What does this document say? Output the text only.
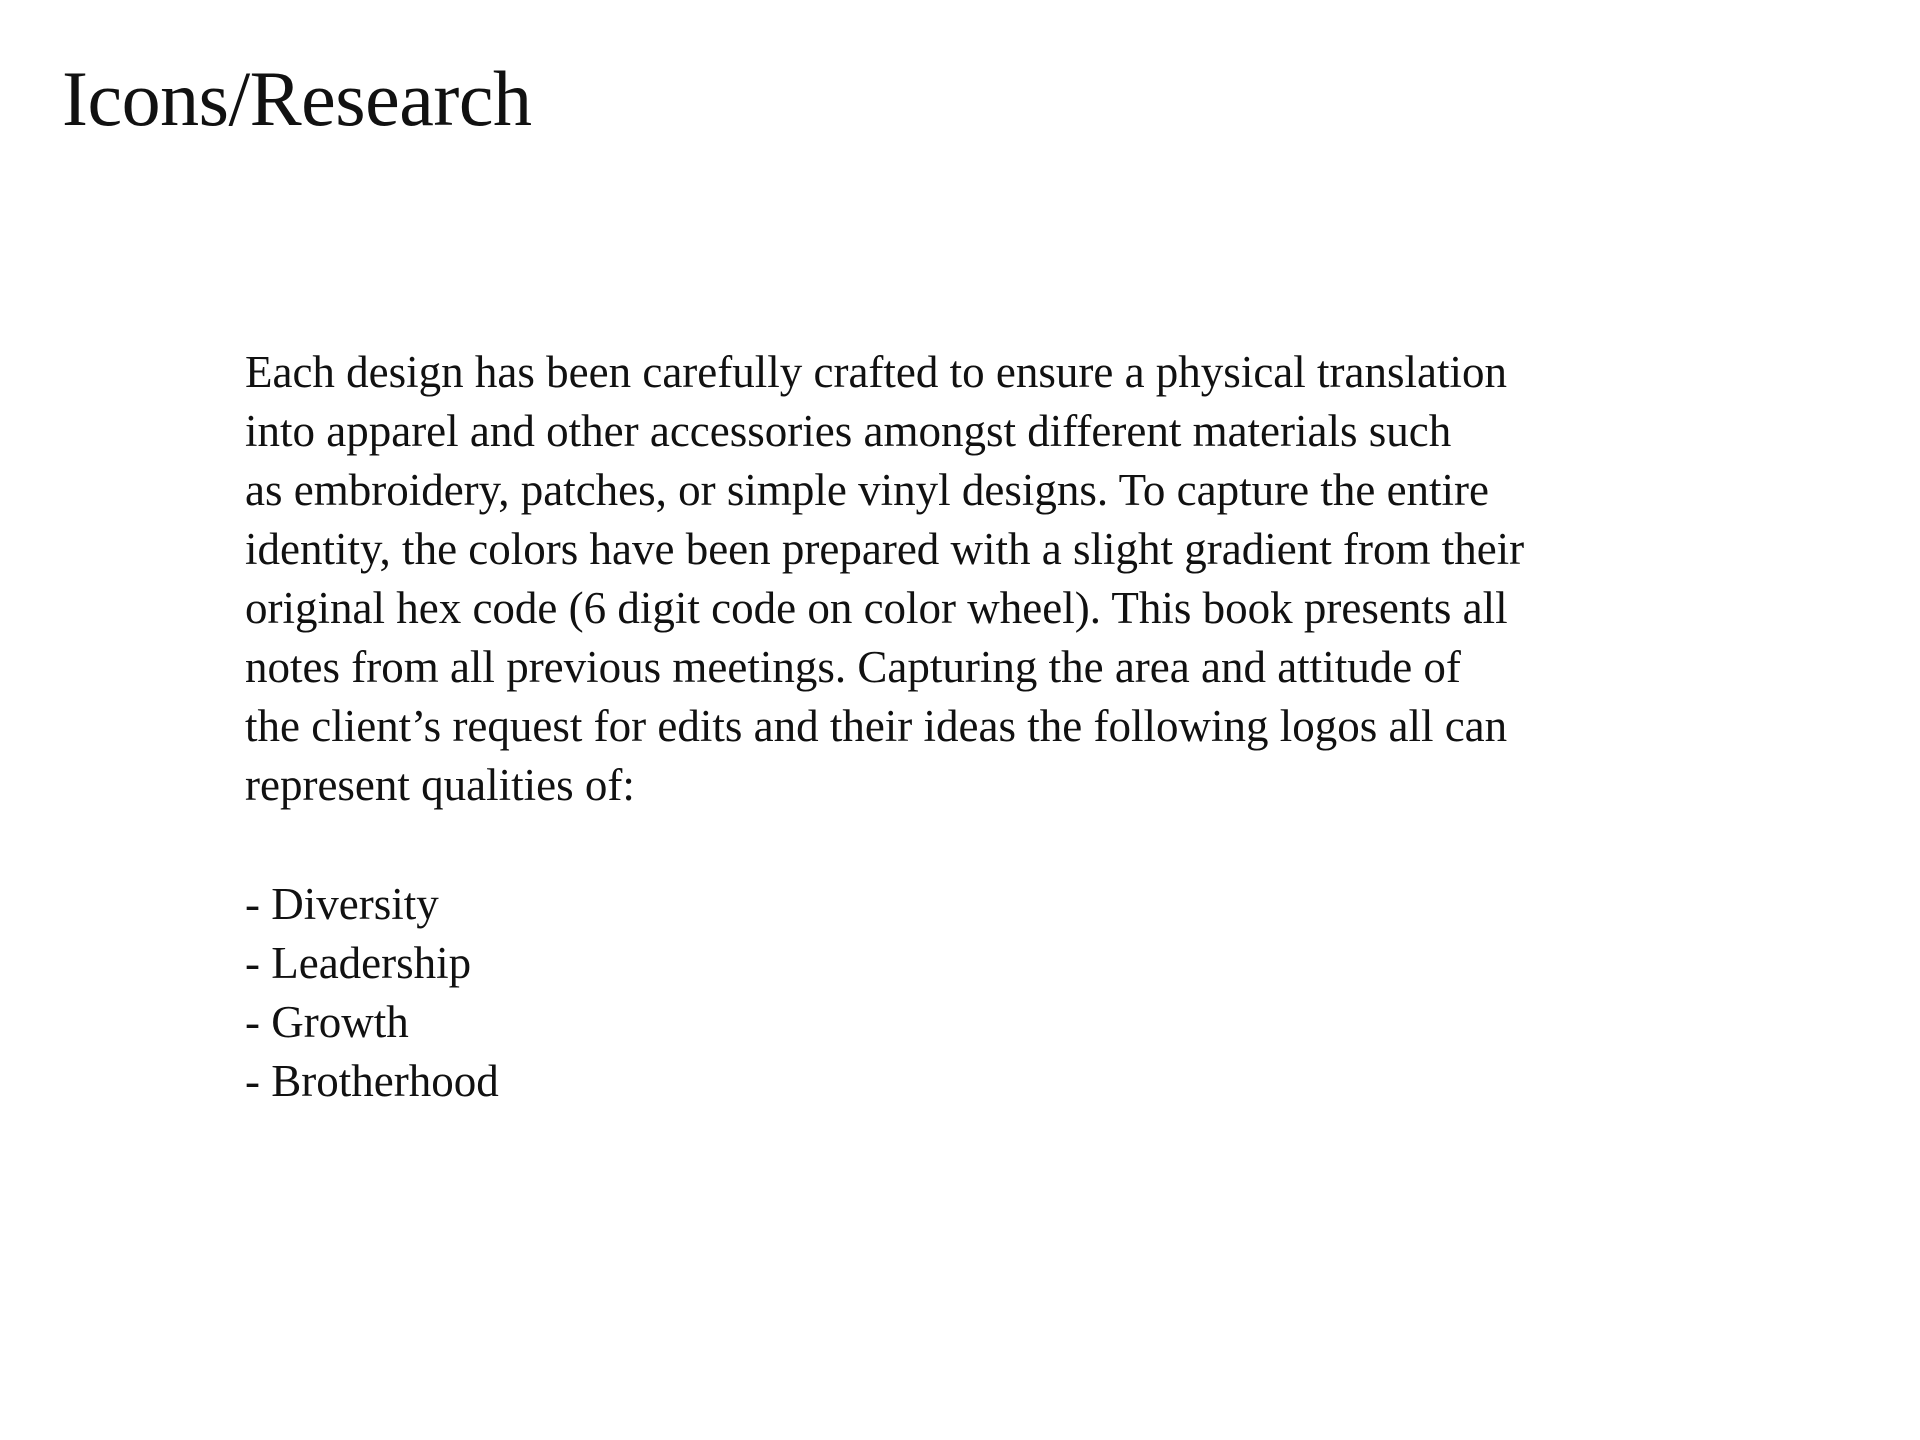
Icons/Research
Each design has been carefully crafted to ensure a physical translation
into apparel and other accessories amongst different materials such
as embroidery, patches, or simple vinyl designs. To capture the entire
identity, the colors have been prepared with a slight gradient from their
original hex code (6 digit code on color wheel). This book presents all
notes from all previous meetings. Capturing the area and attitude of
the client’s request for edits and their ideas the following logos all can
represent qualities of:
- Diversity
- Leadership
- Growth
- Brotherhood
